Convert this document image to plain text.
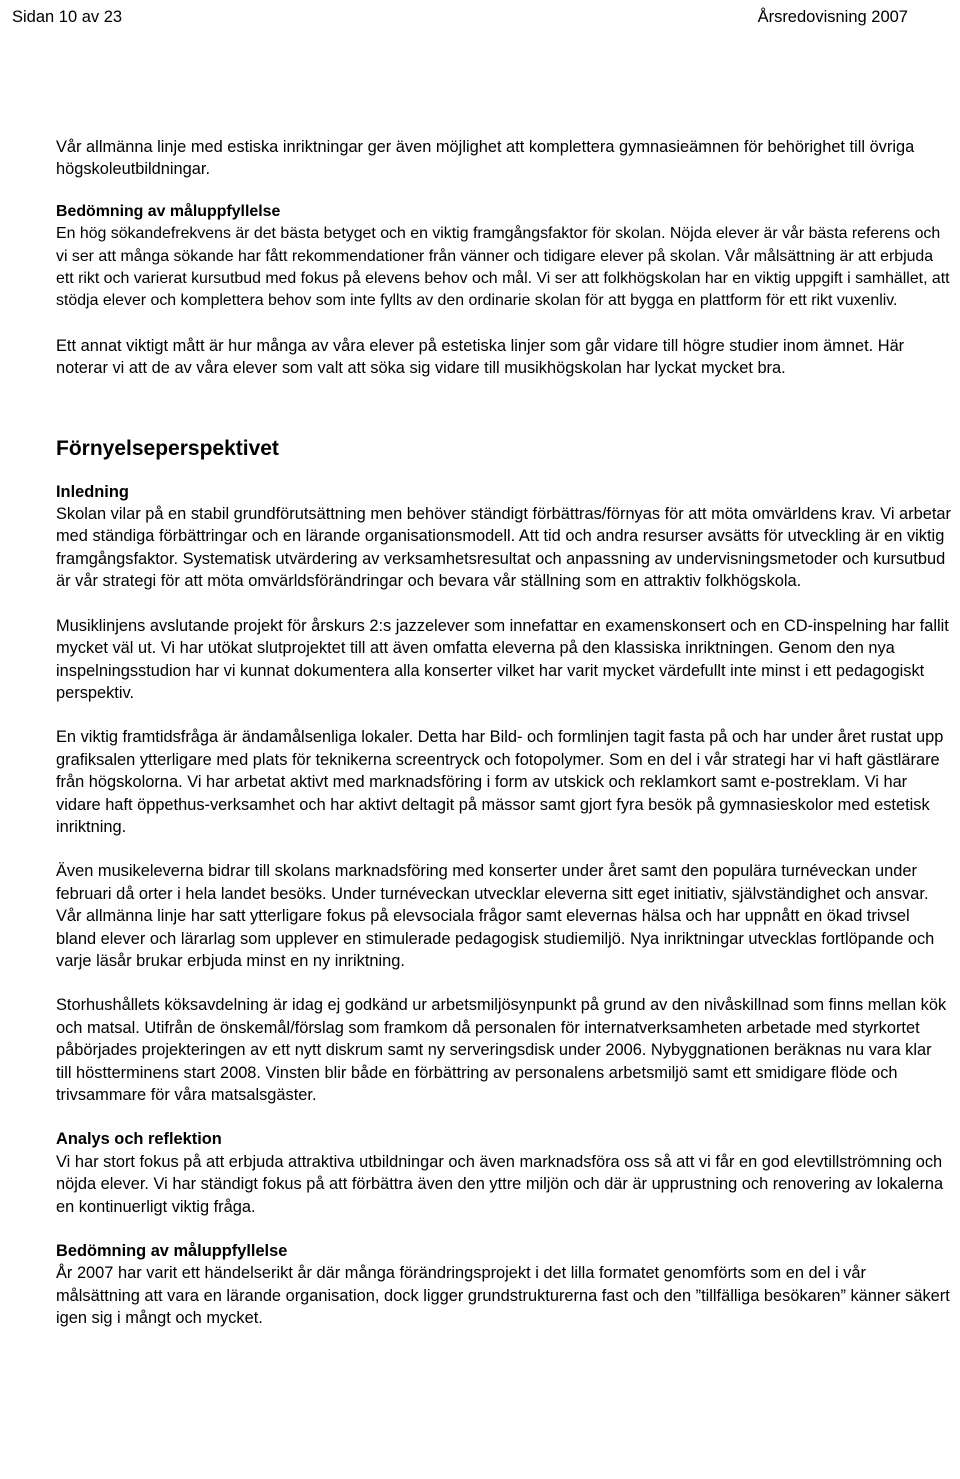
Sidan 10 av 23	Årsredovisning 2007

Vår allmänna linje med estiska inriktningar ger även möjlighet att komplettera gymnasieämnen för behörighet till övriga högskoleutbildningar.

Bedömning av måluppfyllelse

En hög sökandefrekvens är det bästa betyget och en viktig framgångsfaktor för skolan. Nöjda elever är vår bästa referens och vi ser att många sökande har fått rekommendationer från vänner och tidigare elever på skolan. Vår målsättning är att erbjuda ett rikt och varierat kursutbud med fokus på elevens behov och mål. Vi ser att folkhögskolan har en viktig uppgift i samhället, att stödja elever och komplettera behov som inte fyllts av den ordinarie skolan för att bygga en plattform för ett rikt vuxenliv.

Ett annat viktigt mått är hur många av våra elever på estetiska linjer som går vidare till högre studier inom ämnet. Här noterar vi att de av våra elever som valt att söka sig vidare till musikhögskolan har lyckat mycket bra.

Förnyelseperspektivet

Inledning

Skolan vilar på en stabil grundförutsättning men behöver ständigt förbättras/förnyas för att möta omvärldens krav. Vi arbetar med ständiga förbättringar och en lärande organisationsmodell. Att tid och andra resurser avsätts för utveckling är en viktig framgångsfaktor. Systematisk utvärdering av verksamhetsresultat och anpassning av undervisningsmetoder och kursutbud är vår strategi för att möta omvärldsförändringar och bevara vår ställning som en attraktiv folkhögskola.

Musiklinjens avslutande projekt för årskurs 2:s jazzelever som innefattar en examenskonsert och en CD-inspelning har fallit mycket väl ut. Vi har utökat slutprojektet till att även omfatta eleverna på den klassiska inriktningen. Genom den nya inspelningsstudion har vi kunnat dokumentera alla konserter vilket har varit mycket värdefullt inte minst i ett pedagogiskt perspektiv.

En viktig framtidsfråga är ändamålsenliga lokaler. Detta har Bild- och formlinjen tagit fasta på och har under året rustat upp grafiksalen ytterligare med plats för teknikerna screentryck och fotopolymer. Som en del i vår strategi har vi haft gästlärare från högskolorna. Vi har arbetat aktivt med marknadsföring i form av utskick och reklamkort samt e-postreklam. Vi har vidare haft öppethus-verksamhet och har aktivt deltagit på mässor samt gjort fyra besök på gymnasieskolor med estetisk inriktning.

Även musikeleverna bidrar till skolans marknadsföring med konserter under året samt den populära turnéveckan under februari då orter i hela landet besöks. Under turnéveckan utvecklar eleverna sitt eget initiativ, självständighet och ansvar. Vår allmänna linje har satt ytterligare fokus på elevsociala frågor samt elevernas hälsa och har uppnått en ökad trivsel bland elever och lärarlag som upplever en stimulerade pedagogisk studiemiljö. Nya inriktningar utvecklas fortlöpande och varje läsår brukar erbjuda minst en ny inriktning.

Storhushållets köksavdelning är idag ej godkänd ur arbetsmiljösynpunkt på grund av den nivåskillnad som finns mellan kök och matsal. Utifrån de önskemål/förslag som framkom då personalen för internatverksamheten arbetade med styrkortet påbörjades projekteringen av ett nytt diskrum samt ny serveringsdisk under 2006. Nybyggnationen beräknas nu vara klar till höstterminens start 2008. Vinsten blir både en förbättring av personalens arbetsmiljö samt ett smidigare flöde och trivsammare för våra matsalsgäster.

Analys och reflektion

Vi har stort fokus på att erbjuda attraktiva utbildningar och även marknadsföra oss så att vi får en god elevtillströmning och nöjda elever. Vi har ständigt fokus på att förbättra även den yttre miljön och där är upprustning och renovering av lokalerna en kontinuerligt viktig fråga.

Bedömning av måluppfyllelse

År 2007 har varit ett händelserikt år där många förändringsprojekt i det lilla formatet genomförts som en del i vår målsättning att vara en lärande organisation, dock ligger grundstrukturerna fast och den ”tillfälliga besökaren” känner säkert igen sig i mångt och mycket.
